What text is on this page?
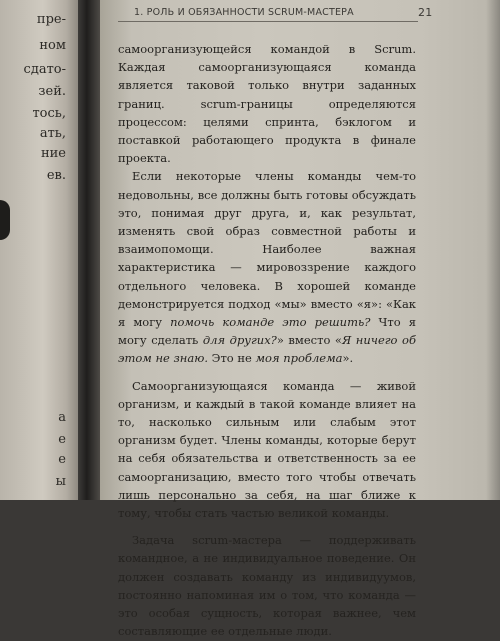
пре-
ном
сдато-
зей.
тось,
ать,
ние
ев.
а
е
е
ы
1. РОЛЬ И ОБЯЗАННОСТИ SCRUM-МАСТЕРА	21

самоорганизующейся командой в Scrum. Каждая самоорганизующаяся команда является таковой только внутри заданных границ. scrum-границы определяются процессом: целями спринта, бэклогом и поставкой работающего продукта в финале проекта.

Если некоторые члены команды чем-то недовольны, все должны быть готовы обсуждать это, понимая друг друга, и, как результат, изменять свой образ совместной работы и взаимопомощи. Наиболее важная характеристика — мировоззрение каждого отдельного человека. В хорошей команде демонстрируется подход «мы» вместо «я»: «Как я могу помочь команде это решить? Что я могу сделать для других?» вместо «Я ничего об этом не знаю. Это не моя проблема».

Самоорганизующаяся команда — живой организм, и каждый в такой команде влияет на то, насколько сильным или слабым этот организм будет. Члены команды, которые берут на себя обязательства и ответственность за ее самоорганизацию, вместо того чтобы отвечать лишь персонально за себя, на шаг ближе к тому, чтобы стать частью великой команды.

Задача scrum-мастера — поддерживать командное, а не индивидуальное поведение. Он должен создавать команду из индивидуумов, постоянно напоминая им о том, что команда — это особая сущность, которая важнее, чем составляющие ее отдельные люди.
